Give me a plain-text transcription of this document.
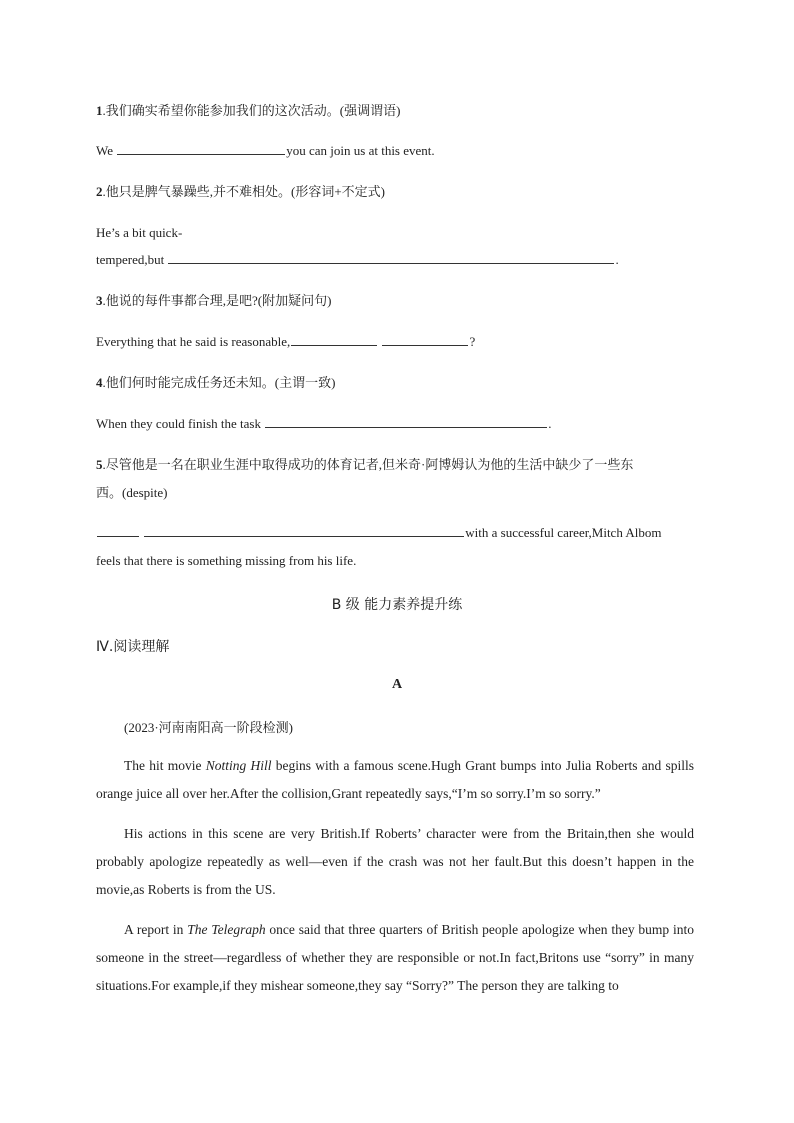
1.我们确实希望你能参加我们的这次活动。(强调谓语)
We	you can join us at this event.
2.他只是脾气暴躁些,并不难相处。(形容词+不定式)
He’s a bit quick-
tempered,but	.
3.他说的每件事都合理,是吧?(附加疑问句)
Everything that he said is reasonable,	?
4.他们何时能完成任务还未知。(主谓一致)
When they could finish the task	.
5.尽管他是一名在职业生涯中取得成功的体育记者,但米奇·阿博姆认为他的生活中缺少了一些东
西。(despite)
with a successful career,Mitch Albom
feels that there is something missing from his life.
B 级 能力素养提升练
Ⅳ.阅读理解
A
(2023·河南南阳高一阶段检测)
The hit movie Notting Hill begins with a famous scene.Hugh Grant bumps into Julia Roberts and spills orange juice all over her.After the collision,Grant repeatedly says,“I’m so sorry.I’m so sorry.”
His actions in this scene are very British.If Roberts’ character were from the Britain,then she would probably apologize repeatedly as well—even if the crash was not her fault.But this doesn’t happen in the movie,as Roberts is from the US.
A report in The Telegraph once said that three quarters of British people apologize when they bump into someone in the street—regardless of whether they are responsible or not.In fact,Britons use “sorry” in many situations.For example,if they mishear someone,they say “Sorry?” The person they are talking to
